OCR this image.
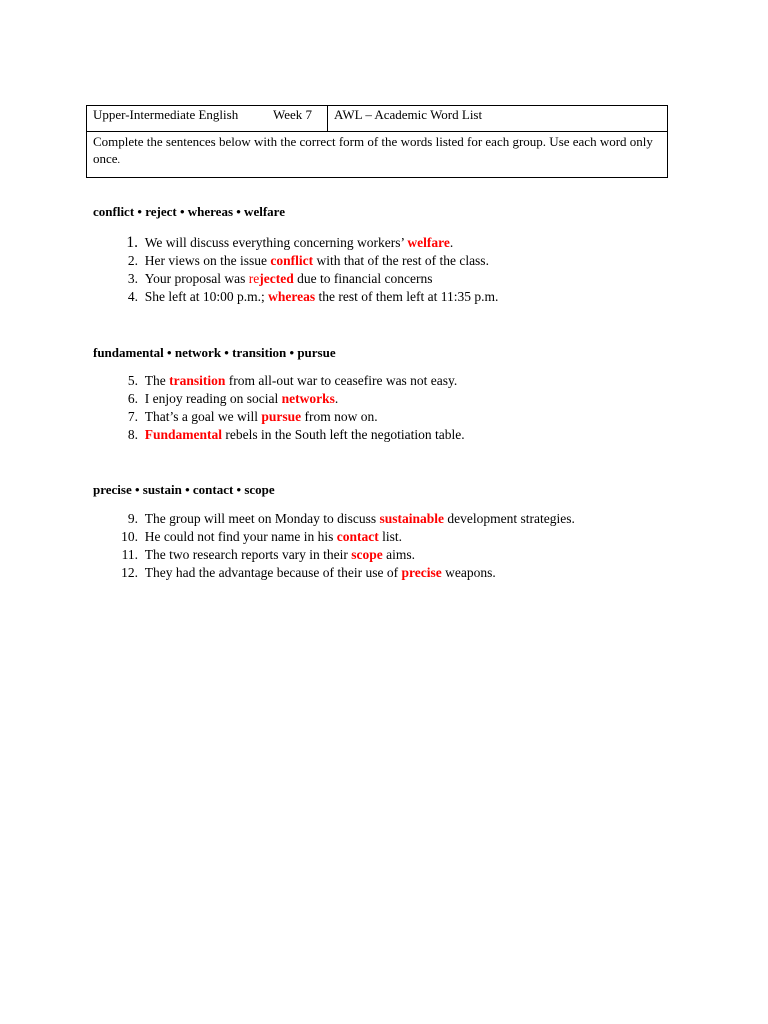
Upper-Intermediate English	Week 7	AWL – Academic Word List
Complete the sentences below with the correct form of the words listed for each group. Use each word only once.
conflict • reject • whereas • welfare
1. We will discuss everything concerning workers’ welfare.
2. Her views on the issue conflict with that of the rest of the class.
3. Your proposal was rejected due to financial concerns
4. She left at 10:00 p.m.; whereas the rest of them left at 11:35 p.m.
fundamental • network • transition • pursue
5. The transition from all-out war to ceasefire was not easy.
6. I enjoy reading on social networks.
7. That’s a goal we will pursue from now on.
8. Fundamental rebels in the South left the negotiation table.
precise • sustain • contact • scope
9. The group will meet on Monday to discuss sustainable development strategies.
10. He could not find your name in his contact list.
11. The two research reports vary in their scope aims.
12. They had the advantage because of their use of precise weapons.
